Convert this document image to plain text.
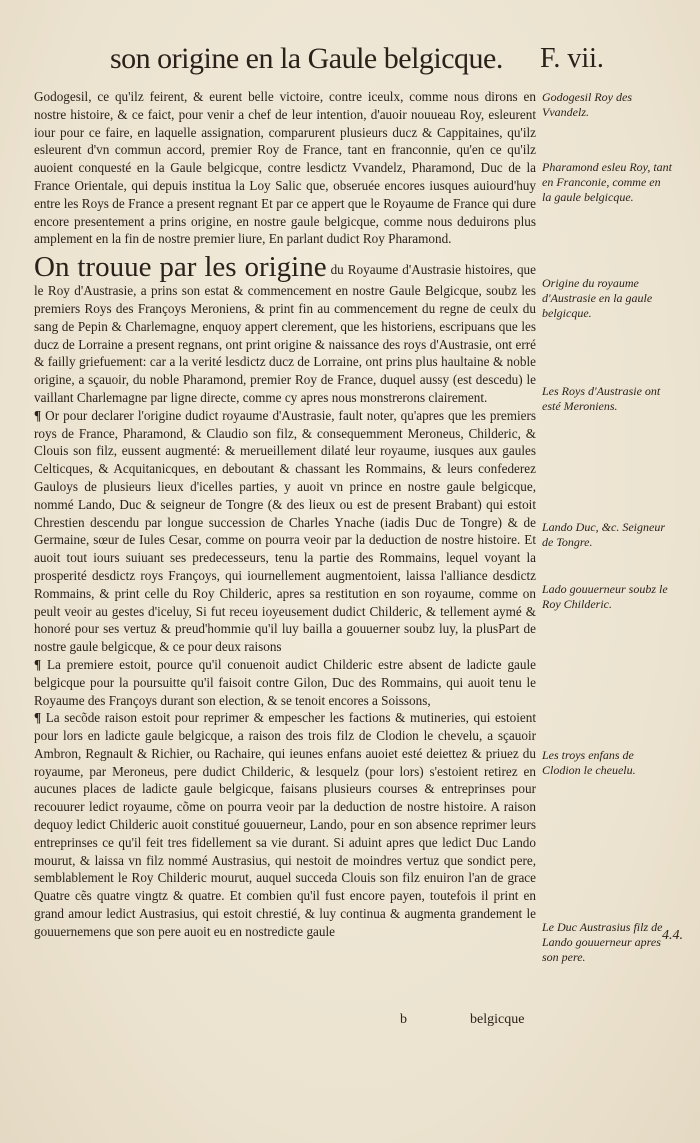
son origine en la Gaule belgicque.	F. vii.

Godogesil, ce qu'ilz feirent, & eurent belle victoire, contre iceulx, comme nous dirons en nostre histoire, & ce faict, pour venir a chef de leur intention, d'auoir nouueau Roy, esleurent iour pour ce faire, en laquelle assignation, comparurent plusieurs ducz & Cappitaines, qu'ilz esleurent d'vn commun accord, premier Roy de France, tant en franconnie, qu'en ce qu'ilz auoient conquesté en la Gaule belgicque, contre lesdictz Vvandelz, Pharamond, Duc de la France Orientale, qui depuis institua la Loy Salic que, obseruée encores iusques auiourd'huy entre les Roys de France a present regnant Et par ce appert que le Royaume de France qui dure encore presentement a prins origine, en nostre gaule belgicque, comme nous deduirons plus amplement en la fin de nostre premier liure, En parlant dudict Roy Pharamond.

On trouue par les origine du Royaume d'Austrasie histoires, que le Roy d'Austrasie, a prins son estat & commencement en nostre Gaule Belgicque, soubz les premiers Roys des Françoys Meroniens, & print fin au commencement du regne de ceulx du sang de Pepin & Charlemagne, enquoy appert clerement, que les historiens, escripuans que les ducz de Lorraine a present regnans, ont print origine & naissance des roys d'Austrasie, ont erré & failly griefuement: car a la verité lesdictz ducz de Lorraine, ont prins plus haultaine & noble origine, a sçauoir, du noble Pharamond, premier Roy de France, duquel aussy (est descedu) le vaillant Charlemagne par ligne directe, comme cy apres nous monstrerons clairement.

¶ Or pour declarer l'origine dudict royaume d'Austrasie, fault noter, qu'apres que les premiers roys de France, Pharamond, & Claudio son filz, & consequemment Meroneus, Childeric, & Clouis son filz, eussent augmenté: & merueillement dilaté leur royaume, iusques aux gaules Celticques, & Acquitanicques, en deboutant & chassant les Rommains, & leurs confederez Gauloys de plusieurs lieux d'icelles parties, y auoit vn prince en nostre gaule belgicque, nommé Lando, Duc & seigneur de Tongre (& des lieux ou est de present Brabant) qui estoit Chrestien descendu par longue succession de Charles Ynache (iadis Duc de Tongre) & de Germaine, sœur de Iules Cesar, comme on pourra veoir par la deduction de nostre histoire. Et auoit tout iours suiuant ses predecesseurs, tenu la partie des Rommains, lequel voyant la prosperité desdictz roys Françoys, qui iournellement augmentoient, laissa l'alliance desdictz Rommains, & print celle du Roy Childeric, apres sa restitution en son royaume, comme on peult veoir au gestes d'iceluy, Si fut receu ioyeusement dudict Childeric, & tellement aymé & honoré pour ses vertuz & preud'hommie qu'il luy bailla a gouuerner soubz luy, la plusPart de nostre gaule belgicque, & ce pour deux raisons

¶ La premiere estoit, pource qu'il conuenoit audict Childeric estre absent de ladicte gaule belgicque pour la poursuitte qu'il faisoit contre Gilon, Duc des Rommains, qui auoit tenu le Royaume des Françoys durant son election, & se tenoit encores a Soissons,

¶ La secõde raison estoit pour reprimer & empescher les factions & mutineries, qui estoient pour lors en ladicte gaule belgicque, a raison des trois filz de Clodion le chevelu, a sçauoir Ambron, Regnault & Richier, ou Rachaire, qui ieunes enfans auoiet esté deiettez & priuez du royaume, par Meroneus, pere dudict Childeric, & lesquelz (pour lors) s'estoient retirez en aucunes places de ladicte gaule belgicque, faisans plusieurs courses & entreprinses pour recouurer ledict royaume, cõme on pourra veoir par la deduction de nostre histoire. A raison dequoy ledict Childeric auoit constitué gouuerneur, Lando, pour en son absence reprimer leurs entreprinses ce qu'il feit tres fidellement sa vie durant. Si aduint apres que ledict Duc Lando mourut, & laissa vn filz nommé Austrasius, qui nestoit de moindres vertuz que sondict pere, semblablement le Roy Childeric mourut, auquel succeda Clouis son filz enuiron l'an de grace Quatre cẽs quatre vingtz & quatre. Et combien qu'il fust encore payen, toutefois il print en grand amour ledict Austrasius, qui estoit chrestié, & luy continua & augmenta grandement le gouuernemens que son pere auoit eu en nostredicte gaule

Godogesil Roy des Vvandelz.
Pharamond esleu Roy, tant en Franconie, comme en la gaule belgicque.
Origine du royaume d'Austrasie en la gaule belgicque.
Les Roys d'Austrasie ont esté Meroniens.
Lando Duc, &c. Seigneur de Tongre.
Lado gouuerneur soubz le Roy Childeric.
Les troys enfans de Clodion le cheuelu.
Le Duc Austrasius filz de Lando gouuerneur apres son pere.
4.4.
b	belgicque
